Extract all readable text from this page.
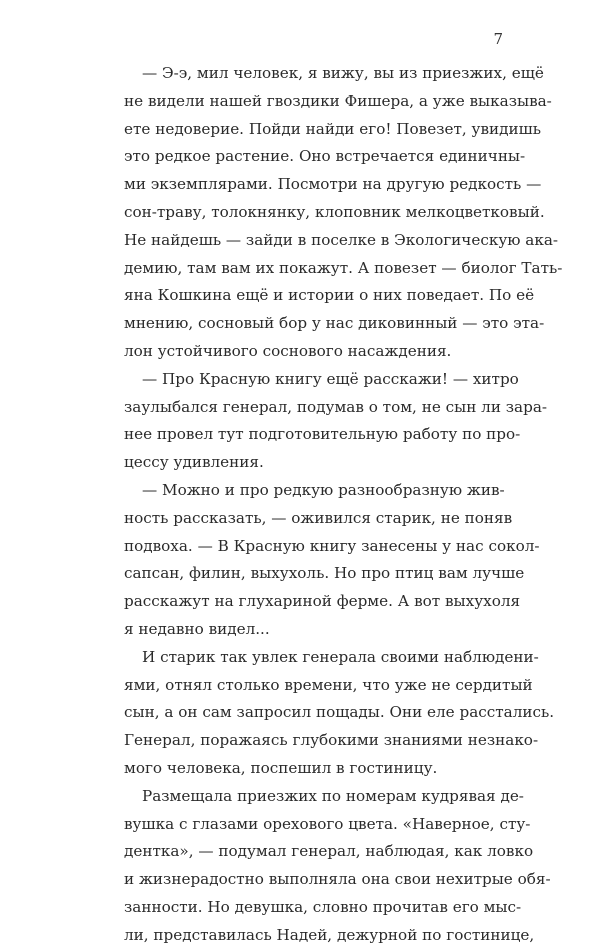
7
— Э-э, мил человек, я вижу, вы из приезжих, ещё
не видели нашей гвоздики Фишера, а уже выказыва-
ете недоверие. Пойди найди его! Повезет, увидишь
это редкое растение. Оно встречается единичны-
ми экземплярами. Посмотри на другую редкость —
сон-траву, толокнянку, клоповник мелкоцветковый.
Не найдешь — зайди в поселке в Экологическую ака-
демию, там вам их покажут. А повезет — биолог Тать-
яна Кошкина ещё и истории о них поведает. По её
мнению, сосновый бор у нас диковинный — это эта-
лон устойчивого соснового насаждения.
— Про Красную книгу ещё расскажи! — хитро
заулыбался генерал, подумав о том, не сын ли зара-
нее провел тут подготовительную работу по про-
цессу удивления.
— Можно и про редкую разнообразную жив-
ность рассказать, — оживился старик, не поняв
подвоха. — В Красную книгу занесены у нас сокол-
сапсан, филин, выхухоль. Но про птиц вам лучше
расскажут на глухариной ферме. А вот выхухоля
я недавно видел...
И старик так увлек генерала своими наблюдени-
ями, отнял столько времени, что уже не сердитый
сын, а он сам запросил пощады. Они еле расстались.
Генерал, поражаясь глубокими знаниями незнако-
мого человека, поспешил в гостиницу.
Размещала приезжих по номерам кудрявая де-
вушка с глазами орехового цвета. «Наверное, сту-
дентка», — подумал генерал, наблюдая, как ловко
и жизнерадостно выполняла она свои нехитрые обя-
занности. Но девушка, словно прочитав его мыс-
ли, представилась Надей, дежурной по гостинице,
